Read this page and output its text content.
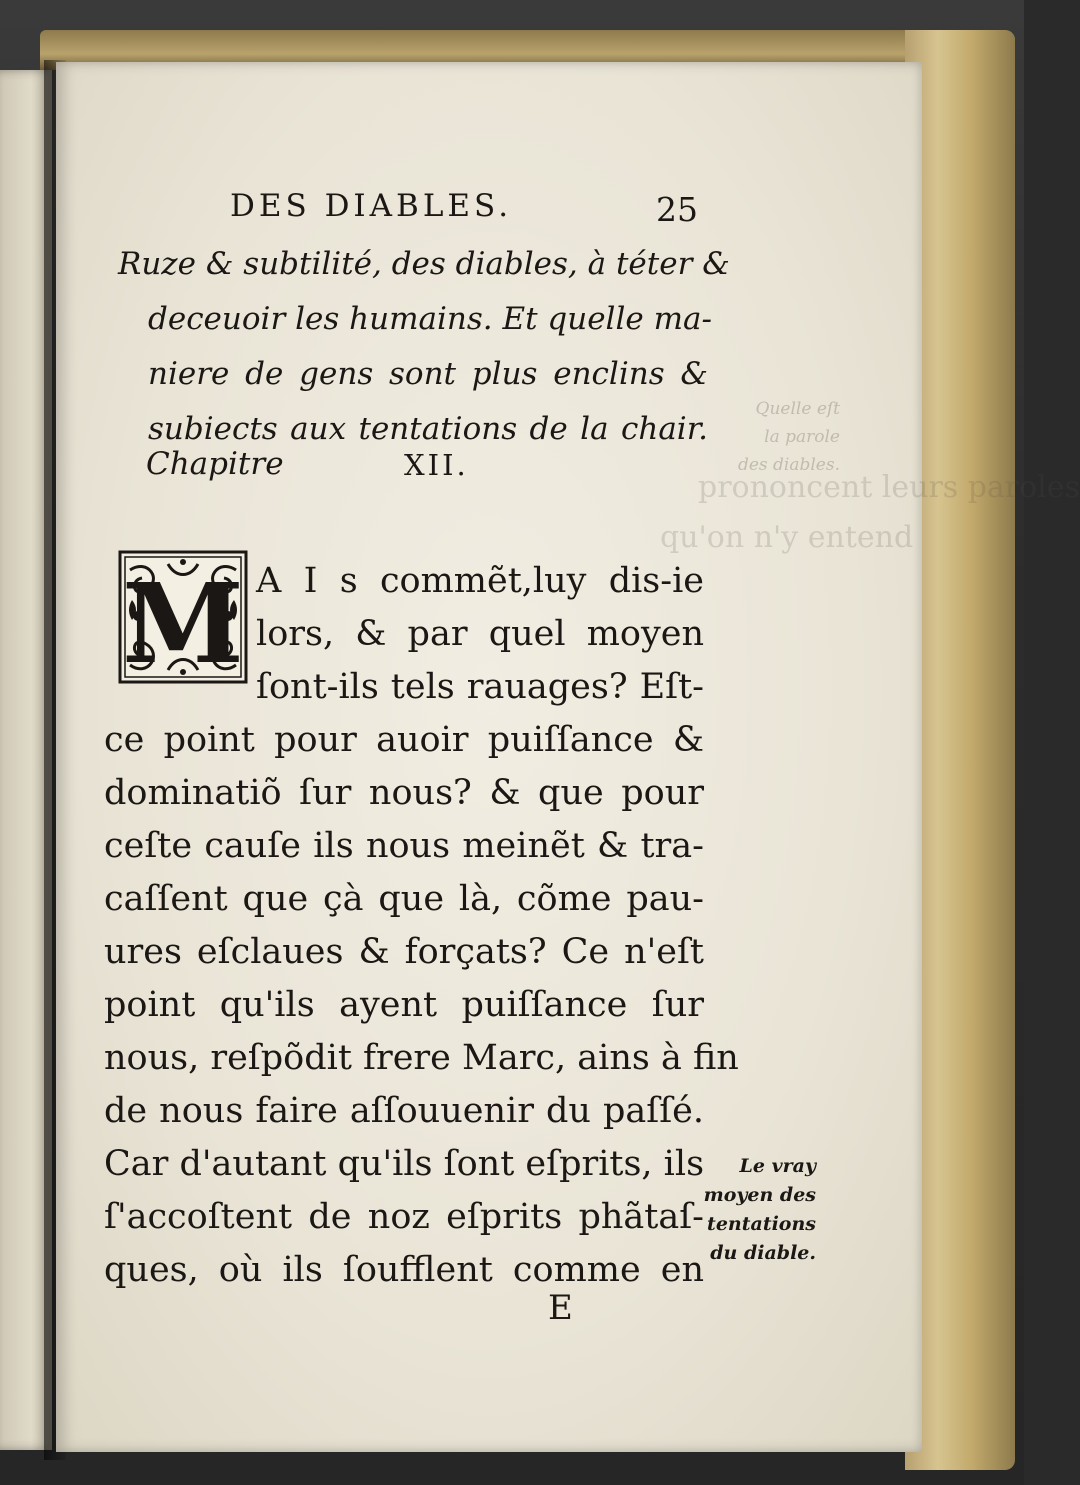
prononcent leurs paroles
qu'on n'y entend
Quelle eſt
la parole
des diables.
DES DIABLES.	25
Ruze & subtilité, des diables, à téter &
deceuoir les humains. Et quelle ma-
niere de gens sont plus enclins &
subiects aux tentations de la chair.
Chapitre	XII.
M A I s commẽt,luy dis-ie
lors, & par quel moyen
ſont-ils tels rauages? Eſt-
ce point pour auoir puiſſance &
dominatiõ ſur nous? & que pour
ceſte cauſe ils nous meinẽt & tra-
caſſent que çà que là, cõme pau-
ures eſclaues & forçats? Ce n'eſt
point qu'ils ayent puiſſance ſur
nous, reſpõdit frere Marc, ains à fin
de nous faire aſſouuenir du paſſé.
Car d'autant qu'ils ſont eſprits, ils
ſ'accoſtent de noz eſprits phãtaſ-
ques, où ils ſoufflent comme en
Le vray
moyen des
tentations
du diable.
E
